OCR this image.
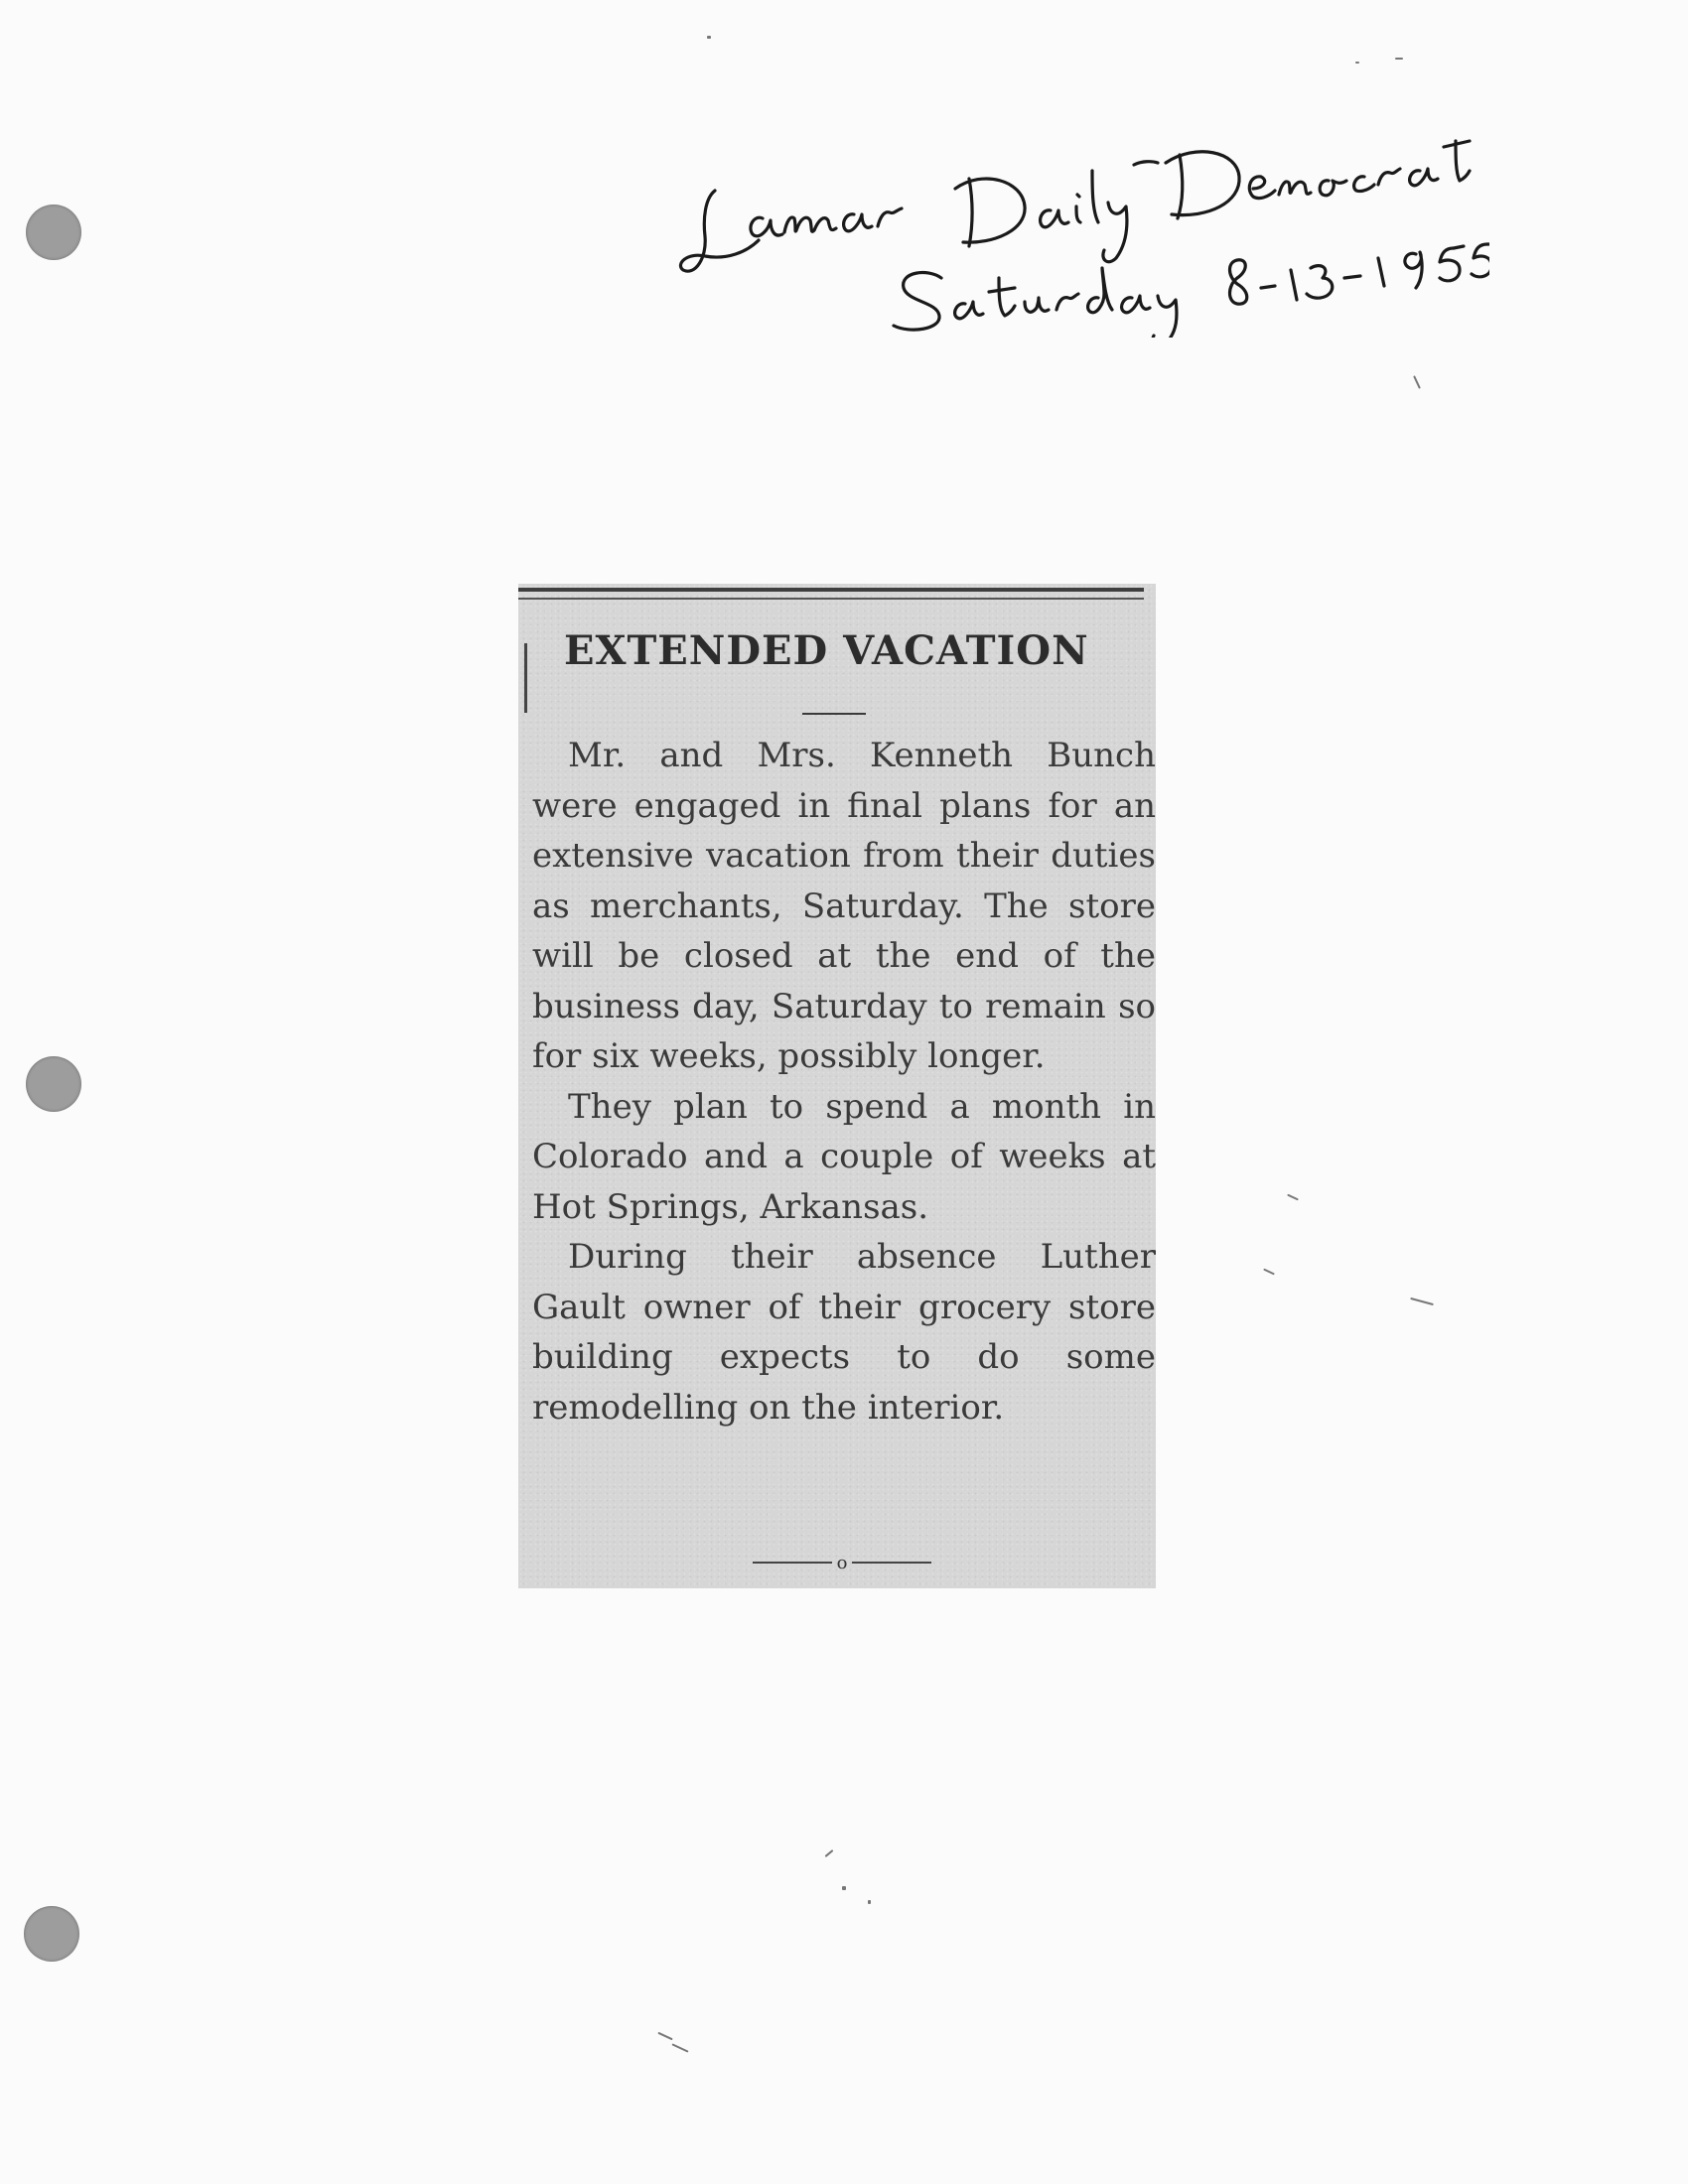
EXTENDED VACATION

Mr. and Mrs. Kenneth Bunch were engaged in final plans for an extensive vacation from their duties as merchants, Saturday. The store will be closed at the end of the business day, Saturday to remain so for six weeks, possibly longer.

They plan to spend a month in Colorado and a couple of weeks at Hot Springs, Arkansas.

During their absence Luther Gault owner of their grocery store building expects to do some remodelling on the interior.

o
